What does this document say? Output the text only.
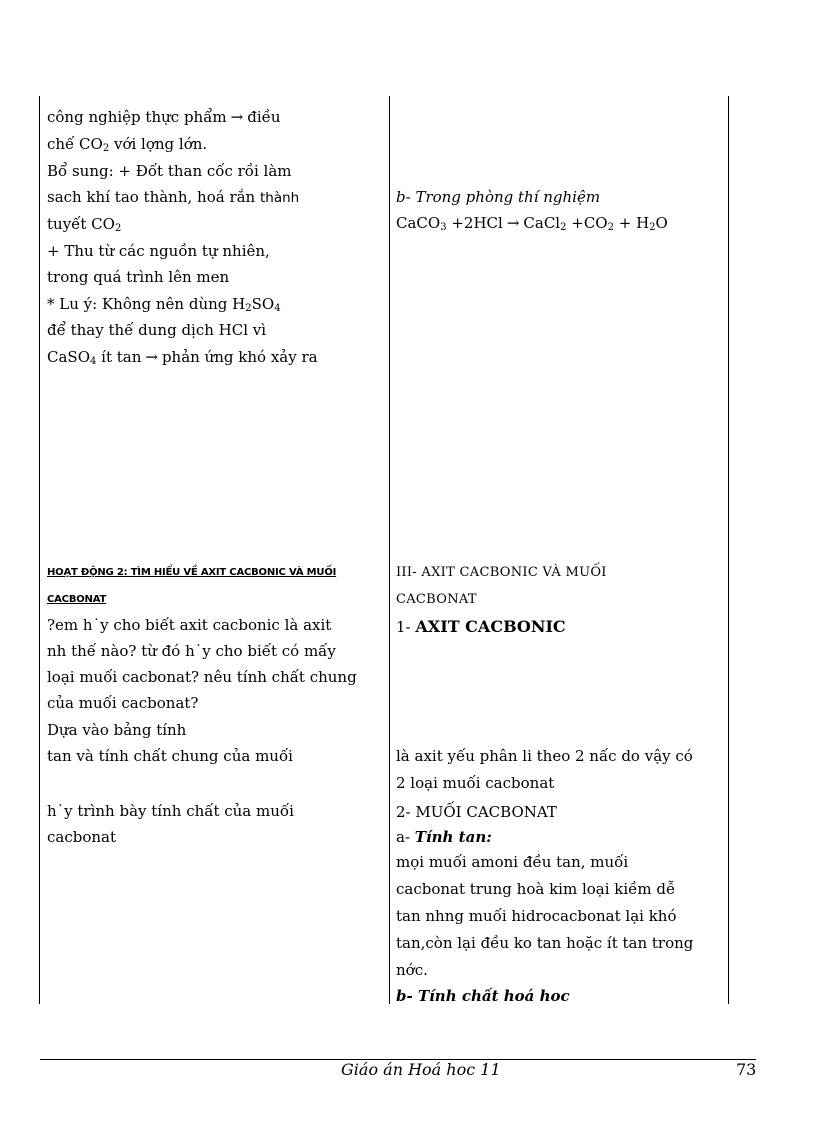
công nghiệp thực phẩm → điều
chế $CO_2$ với lợng lớn.
Bổ sung: + Đốt than cốc rồi làm
sach khí tao thành, hoá rắn thành
tuyết $CO_2$
+ Thu từ các nguồn tự nhiên,
trong quá trình lên men
* Lu ý: Không nên dùng $H_2SO_4$
để thay thế dung dịch HCl vì
CaSO$_4$ ít tan → phản ứng khó xảy ra
HOẠT ĐỘNG 2: TÌM HIỂU VỀ AXIT CACBONIC VÀ MUỐI
CACBONAT
?em h˙y cho biết axit cacbonic là axit
nh thế nào? từ đó h˙y cho biết có mấy
loại muối cacbonat? nêu tính chất chung
của muối cacbonat?
Dựa vào bảng tính
tan và tính chất chung của muối
h˙y trình bày tính chất của muối
cacbonat
b- Trong phòng thí nghiệm
CaCO$_3$ +2HCl → CaCl$_2$ $+CO_2 + H_2O$
III- AXIT CACBONIC VÀ MUỐI
CACBONAT
1- AXIT CACBONIC
là axit yếu phân li theo 2 nấc do vậy có
2 loại muối cacbonat
2- MUỐI CACBONAT
a- Tính tan:
mọi muối amoni đều tan, muối
cacbonat trung hoà kim loại kiềm dễ
tan nhng muối hidrocacbonat lại khó
tan,còn lại đều ko tan hoặc ít tan trong
nớc.
b- Tính chất hoá hoc
Giáo án Hoá hoc 11	73
